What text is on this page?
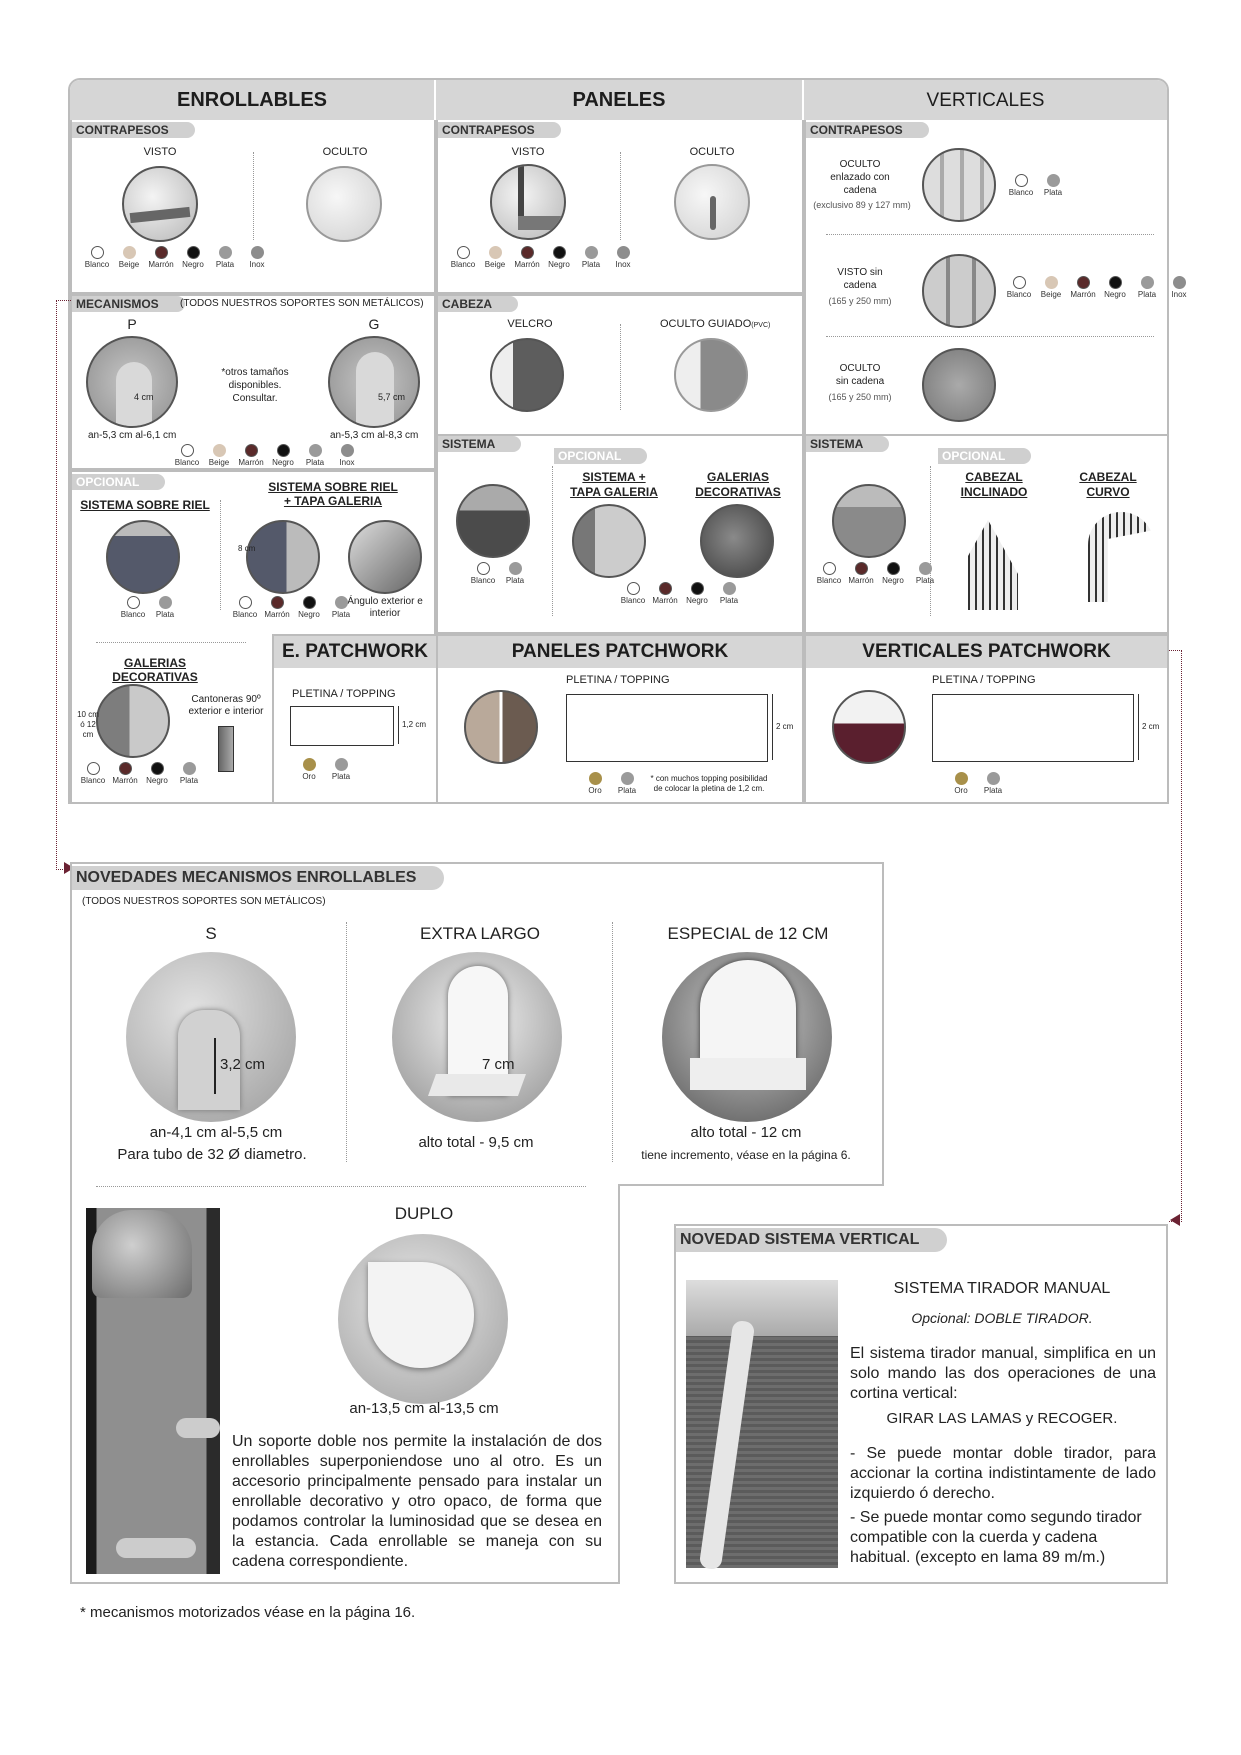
ENROLLABLES	PANELES	VERTICALES
CONTRAPESOS
VISTO	OCULTO
Blanco Beige Marrón Negro Plata Inox
MECANISMOS	(TODOS NUESTROS SOPORTES SON METÁLICOS)
P	G
4 cm	5,7 cm
*otros tamaños disponibles. Consultar.
an-5,3 cm al-6,1 cm	an-5,3 cm al-8,3 cm
Blanco Beige Marrón Negro Plata Inox
OPCIONAL
SISTEMA SOBRE RIEL
SISTEMA SOBRE RIEL + TAPA GALERIA
Blanco Plata
8 cm
Ángulo exterior e interior
Blanco Marrón Negro Plata
GALERIAS DECORATIVAS
10 cm ó 12 cm
Cantoneras 90º exterior e interior
Blanco Marrón Negro Plata
CONTRAPESOS
VISTO	OCULTO
Blanco Beige Marrón Negro Plata Inox
CABEZA
VELCRO	OCULTO GUIADO(PVC)
SISTEMA
OPCIONAL
SISTEMA + TAPA GALERIA
GALERIAS DECORATIVAS
Blanco Plata
Blanco Marrón Negro Plata
CONTRAPESOS
OCULTO enlazado con cadena
(exclusivo 89 y 127 mm)
Blanco Plata
VISTO sin cadena
(165 y 250 mm)
Blanco Beige Marrón Negro Plata Inox
OCULTO sin cadena
(165 y 250 mm)
SISTEMA
OPCIONAL
Blanco Marrón Negro Plata
CABEZAL INCLINADO
CABEZAL CURVO
E. PATCHWORK
PLETINA / TOPPING
1,2 cm
Oro Plata
PANELES PATCHWORK
PLETINA / TOPPING
2 cm
Oro Plata
* con muchos topping posibilidad de colocar la pletina de 1,2 cm.
VERTICALES PATCHWORK
PLETINA / TOPPING
2 cm
Oro Plata
NOVEDADES MECANISMOS ENROLLABLES
(TODOS NUESTROS SOPORTES SON METÁLICOS)
S
3,2 cm
an-4,1 cm al-5,5 cm
Para tubo de 32 Ø diametro.
EXTRA LARGO
7 cm
alto total - 9,5 cm
ESPECIAL de 12 CM
alto total - 12 cm
tiene incremento, véase en la página 6.
DUPLO
an-13,5 cm al-13,5 cm
Un soporte doble nos permite la instalación de dos enrollables superponiendose uno al otro. Es un accesorio principalmente pensado para instalar un enrollable decorativo y otro opaco, de forma que podamos controlar la luminosidad que se desea en la estancia. Cada enrollable se maneja con su cadena correspondiente.
NOVEDAD SISTEMA VERTICAL
SISTEMA TIRADOR MANUAL
Opcional: DOBLE TIRADOR.
El sistema tirador manual, simplifica en un solo mando las dos operaciones de una cortina vertical:
GIRAR LAS LAMAS y RECOGER.
- Se puede montar doble tirador, para accionar la cortina indistintamente de lado izquierdo ó derecho.
- Se puede montar como segundo tirador compatible con la cuerda y cadena habitual. (excepto en lama 89 m/m.)
* mecanismos motorizados véase en la página 16.
